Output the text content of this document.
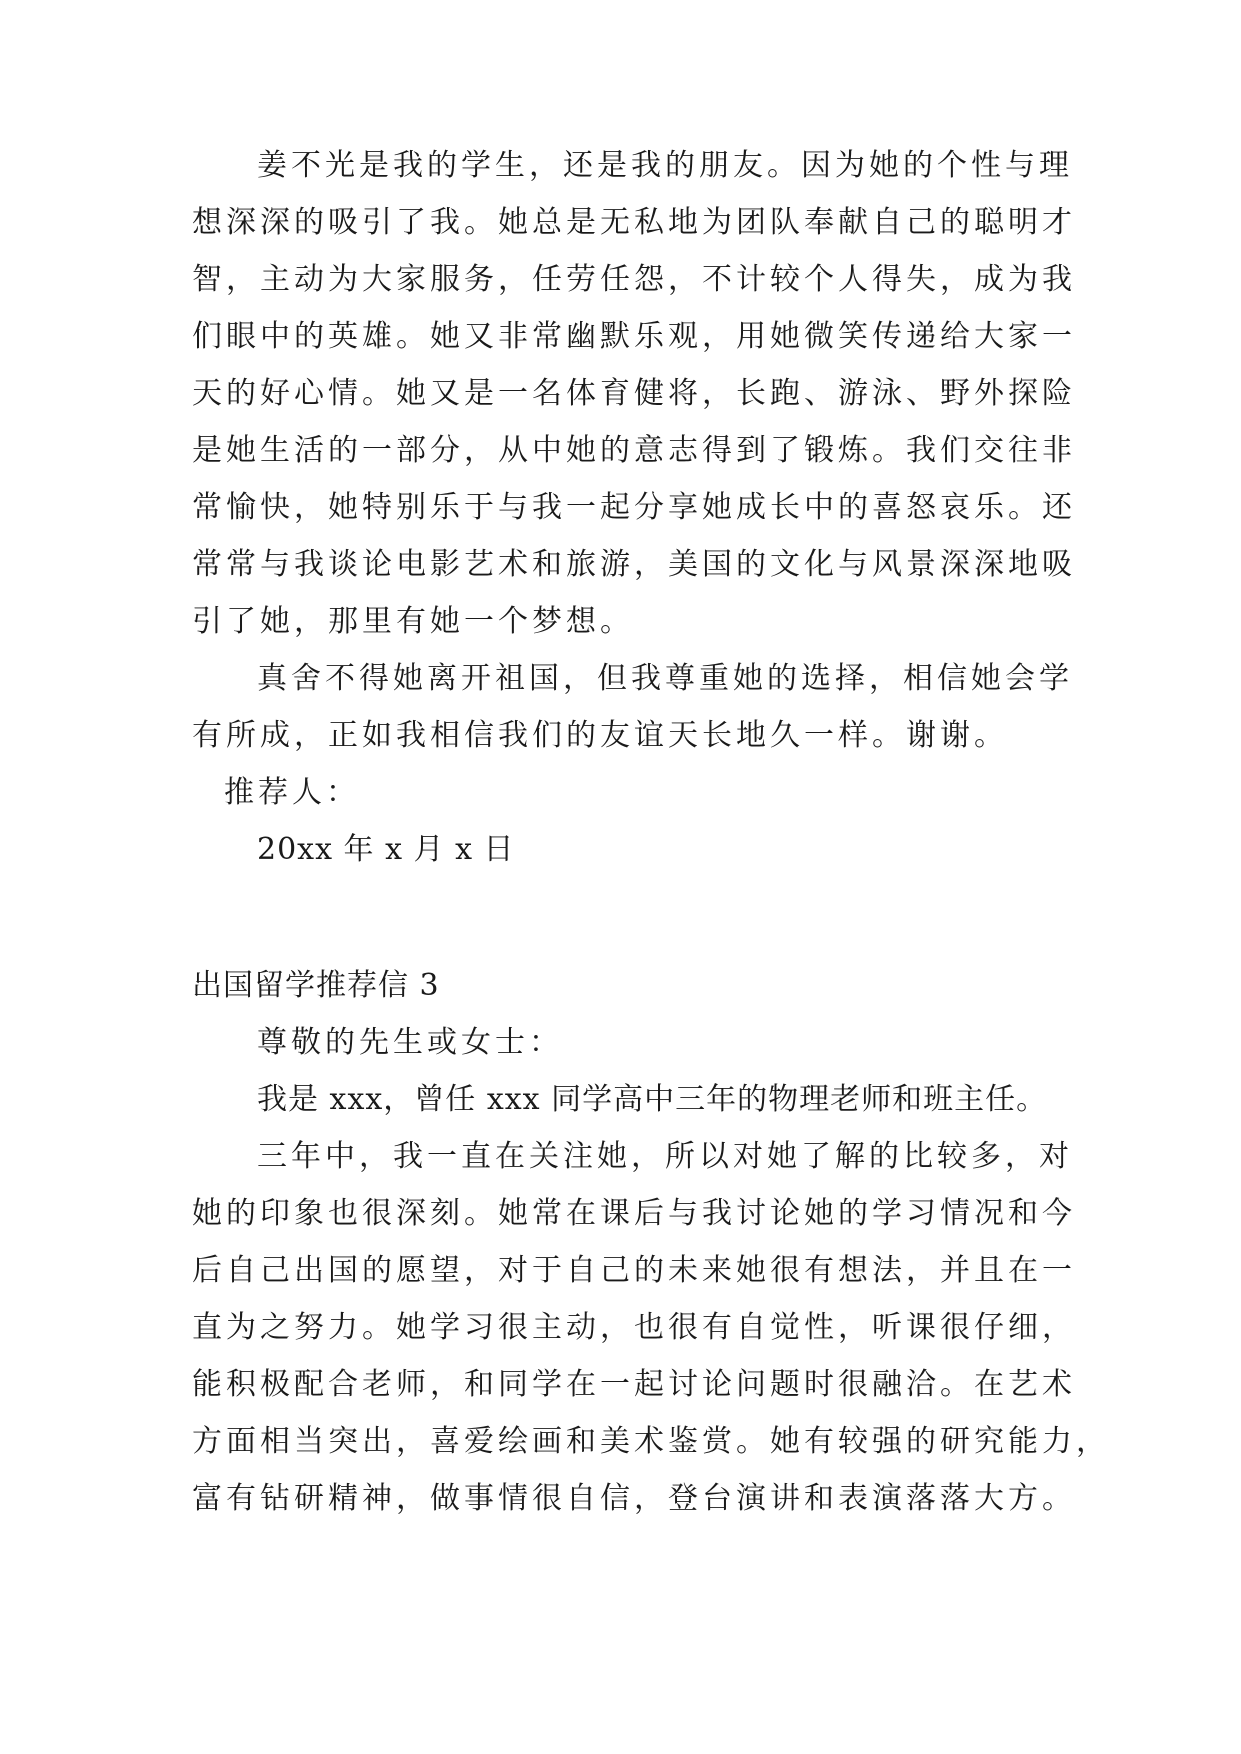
姜不光是我的学生，还是我的朋友。因为她的个性与理
想深深的吸引了我。她总是无私地为团队奉献自己的聪明才
智，主动为大家服务，任劳任怨，不计较个人得失，成为我
们眼中的英雄。她又非常幽默乐观，用她微笑传递给大家一
天的好心情。她又是一名体育健将，长跑、游泳、野外探险
是她生活的一部分，从中她的意志得到了锻炼。我们交往非
常愉快，她特别乐于与我一起分享她成长中的喜怒哀乐。还
常常与我谈论电影艺术和旅游，美国的文化与风景深深地吸
引了她，那里有她一个梦想。
真舍不得她离开祖国，但我尊重她的选择，相信她会学
有所成，正如我相信我们的友谊天长地久一样。谢谢。
推荐人：
20xx 年 x 月 x 日
出国留学推荐信 3
尊敬的先生或女士：
我是 xxx，曾任 xxx 同学高中三年的物理老师和班主任。
三年中，我一直在关注她，所以对她了解的比较多，对
她的印象也很深刻。她常在课后与我讨论她的学习情况和今
后自己出国的愿望，对于自己的未来她很有想法，并且在一
直为之努力。她学习很主动，也很有自觉性，听课很仔细，
能积极配合老师，和同学在一起讨论问题时很融洽。在艺术
方面相当突出，喜爱绘画和美术鉴赏。她有较强的研究能力，
富有钻研精神，做事情很自信，登台演讲和表演落落大方。
